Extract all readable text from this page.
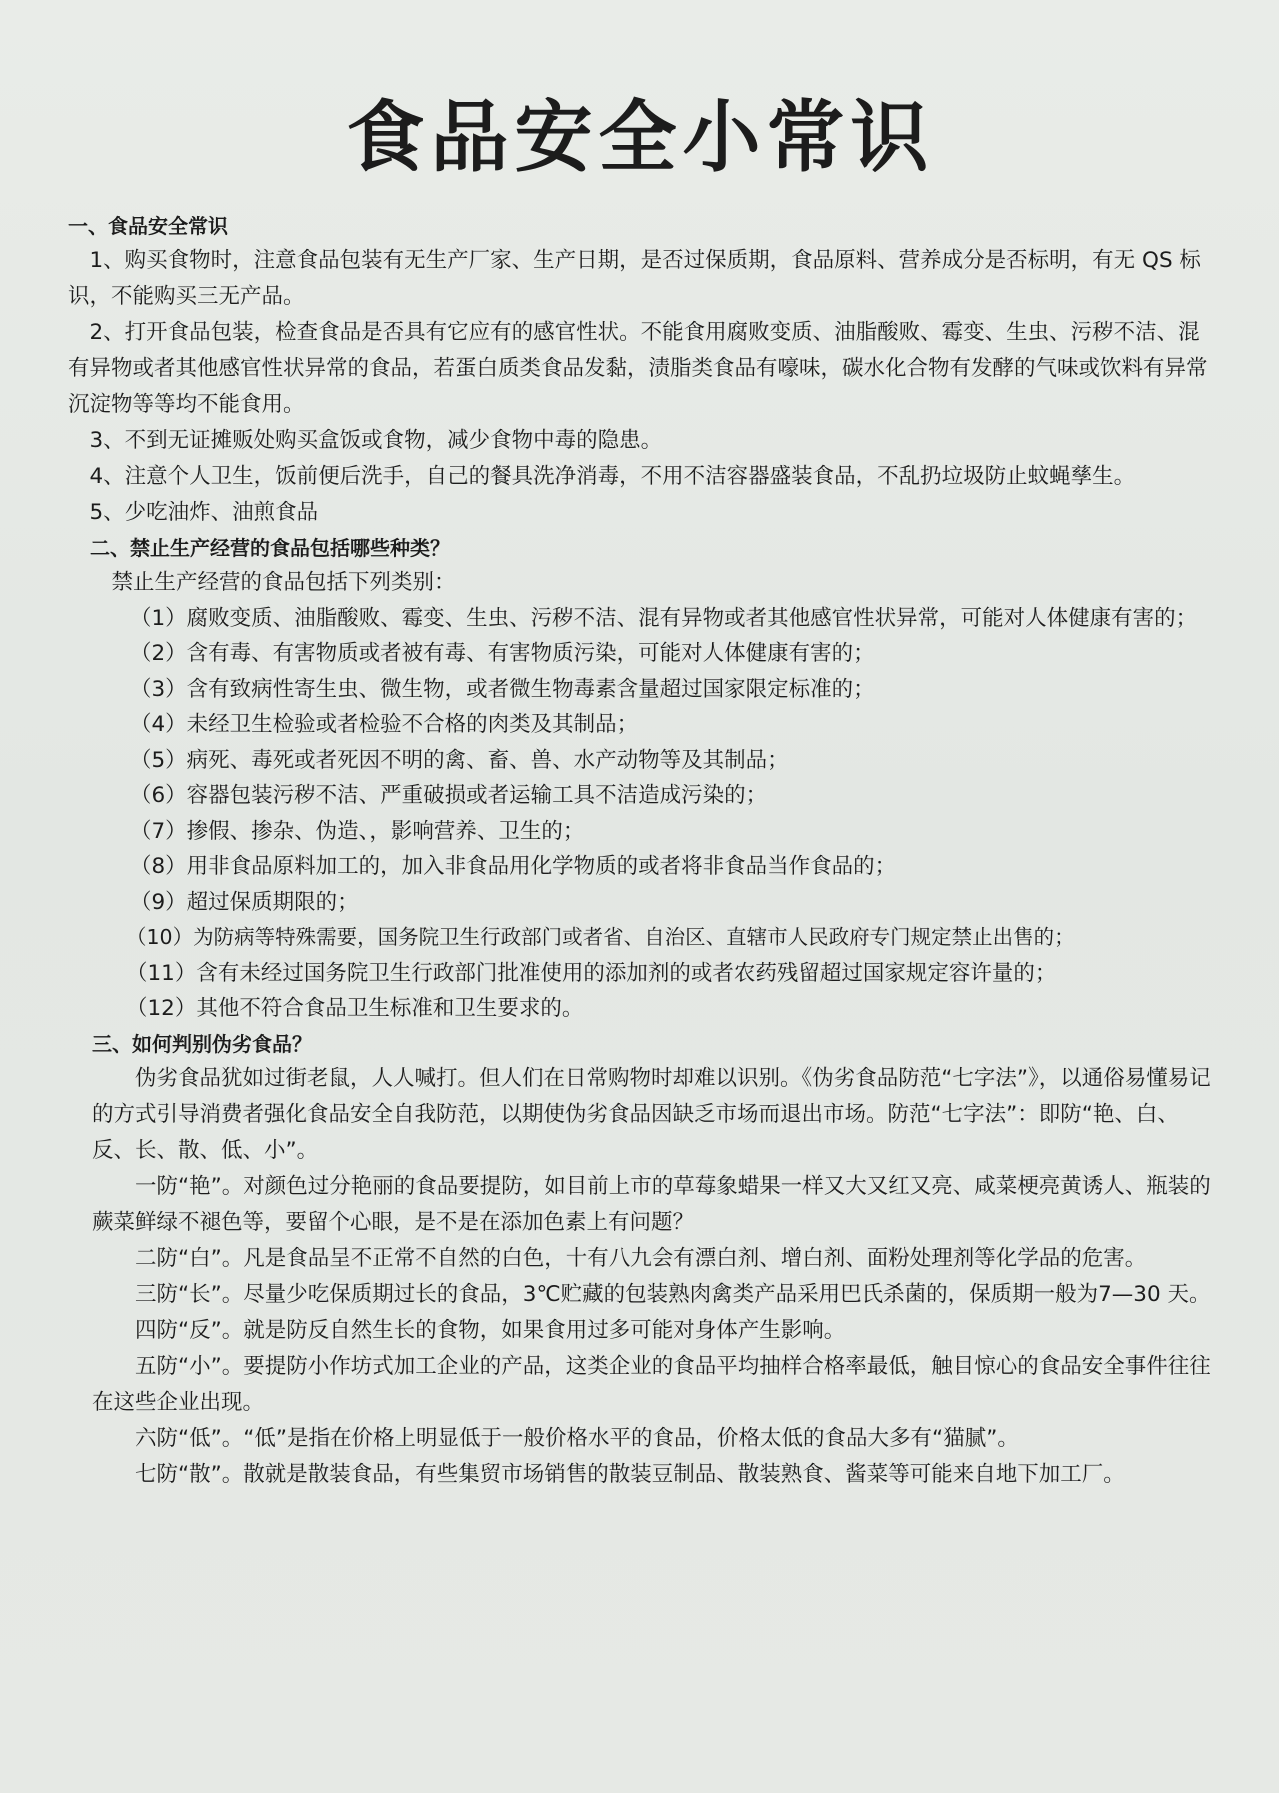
食品安全小常识

一、食品安全常识

1、购买食物时，注意食品包装有无生产厂家、生产日期，是否过保质期，食品原料、营养成分是否标明，有无 QS 标识，不能购买三无产品。

2、打开食品包装，检查食品是否具有它应有的感官性状。不能食用腐败变质、油脂酸败、霉变、生虫、污秽不洁、混有异物或者其他感官性状异常的食品，若蛋白质类食品发黏，渍脂类食品有嚎味，碳水化合物有发酵的气味或饮料有异常沉淀物等等均不能食用。

3、不到无证摊贩处购买盒饭或食物，减少食物中毒的隐患。

4、注意个人卫生，饭前便后洗手，自己的餐具洗净消毒，不用不洁容器盛装食品，不乱扔垃圾防止蚊蝇孳生。

5、少吃油炸、油煎食品

二、禁止生产经营的食品包括哪些种类？

禁止生产经营的食品包括下列类别：

（1）腐败变质、油脂酸败、霉变、生虫、污秽不洁、混有异物或者其他感官性状异常，可能对人体健康有害的；

（2）含有毒、有害物质或者被有毒、有害物质污染，可能对人体健康有害的；

（3）含有致病性寄生虫、微生物，或者微生物毒素含量超过国家限定标准的；

（4）未经卫生检验或者检验不合格的肉类及其制品；

（5）病死、毒死或者死因不明的禽、畜、兽、水产动物等及其制品；

（6）容器包装污秽不洁、严重破损或者运输工具不洁造成污染的；

（7）掺假、掺杂、伪造、，影响营养、卫生的；

（8）用非食品原料加工的，加入非食品用化学物质的或者将非食品当作食品的；

（9）超过保质期限的；

（10）为防病等特殊需要，国务院卫生行政部门或者省、自治区、直辖市人民政府专门规定禁止出售的；

（11）含有未经过国务院卫生行政部门批准使用的添加剂的或者农药残留超过国家规定容许量的；

（12）其他不符合食品卫生标准和卫生要求的。

三、如何判别伪劣食品？

伪劣食品犹如过街老鼠，人人喊打。但人们在日常购物时却难以识别。《伪劣食品防范“七字法”》，以通俗易懂易记的方式引导消费者强化食品安全自我防范，以期使伪劣食品因缺乏市场而退出市场。防范“七字法”：即防“艳、白、反、长、散、低、小”。

一防“艳”。对颜色过分艳丽的食品要提防，如目前上市的草莓象蜡果一样又大又红又亮、咸菜梗亮黄诱人、瓶装的蕨菜鲜绿不褪色等，要留个心眼，是不是在添加色素上有问题？

二防“白”。凡是食品呈不正常不自然的白色，十有八九会有漂白剂、增白剂、面粉处理剂等化学品的危害。

三防“长”。尽量少吃保质期过长的食品，3℃贮藏的包装熟肉禽类产品采用巴氏杀菌的，保质期一般为7—30 天。

四防“反”。就是防反自然生长的食物，如果食用过多可能对身体产生影响。

五防“小”。要提防小作坊式加工企业的产品，这类企业的食品平均抽样合格率最低，触目惊心的食品安全事件往往在这些企业出现。

六防“低”。“低”是指在价格上明显低于一般价格水平的食品，价格太低的食品大多有“猫腻”。

七防“散”。散就是散装食品，有些集贸市场销售的散装豆制品、散装熟食、酱菜等可能来自地下加工厂。
